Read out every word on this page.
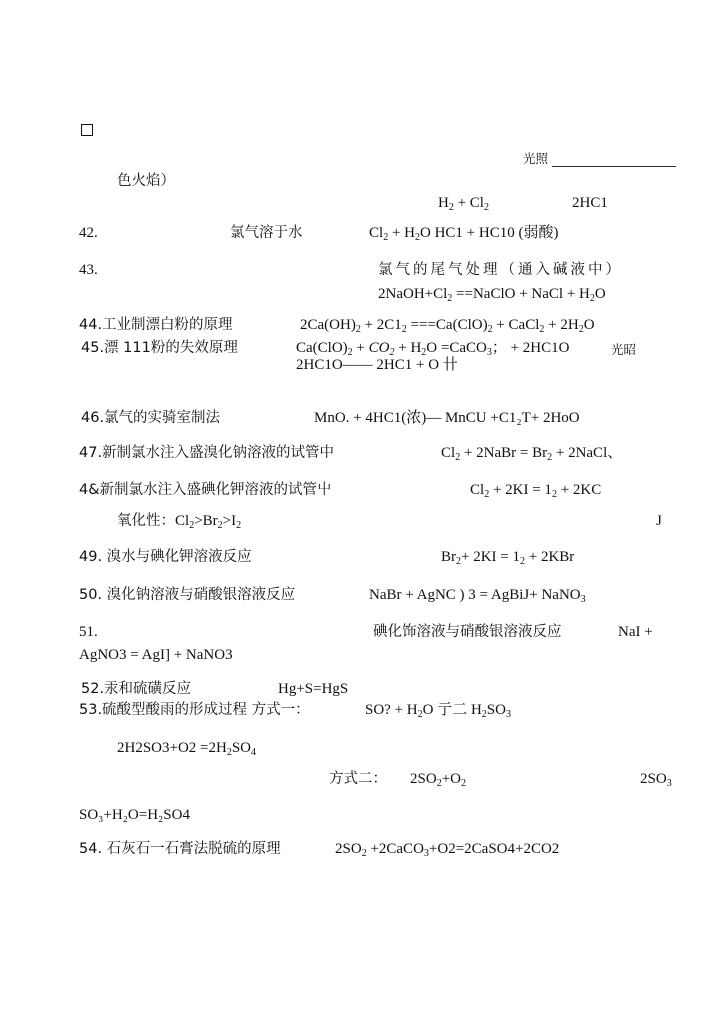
光照
色火焰）
$H_2 + Cl_2$	2HC1
42.	氯气溶于水	$Cl_2 + H_2O$ HC1 + HC10 (弱酸)
43.	氯气的尾气处理（通入碱液中）
$2NaOH+Cl_2$ ==NaClO + NaCl + $H_2O$
44.工业制漂白粉的原理	$2Ca(OH)_2 + 2C1_2 ===Ca(ClO)_2$ + CaCl$_2$ + $2H_2O$
45.漂 111粉的失效原理	$Ca(ClO)_2 + CO_2 + H_2O$ =CaCO$_3$； + 2HC1O	光昭
2HC1O—— 2HC1 + O 卄
46.氯气的实骑室制法	MnO. + 4HC1(浓)— MnCU +C1₂T+ 2HoO
47.新制氯水注入盛溴化钠溶液的试管中	$Cl_2$ + 2NaBr = $Br_2$ + 2NaCl、
4&新制氯水注入盛碘化钾溶液的试管屮	$Cl_2 + 2KI = 1_2 + 2KC$
氧化性：$Cl_2>Br_2>I_2$	J
49. 溴水与碘化钾溶液反应	$Br_2+ 2KI = 1_2 + 2KBr$
50. 溴化钠溶液与硝酸银溶液反应	NaBr + AgNC ) 3 = AgBiJ+ NaNO$_3$
51.	碘化饰溶液与硝酸银溶液反应	NaI +
AgNO3 = AgI] + NaNO3
52.汞和硫磺反应	Hg+S=HgS
53.硫酸型酸雨的形成过程 方式一：	SO? + $H_2O$ 亍二 $H_2SO_3$
$2H2SO3+O2 =2H_2SO_4$
方式二： $2SO_2+O_2$	$2SO_3$
SO₃+H₂O=H₂SO4
54. 石灰石一石膏法脱硫的原理	$2SO_2$ +2CaCO$_3$+O2=2CaSO4+2CO2
